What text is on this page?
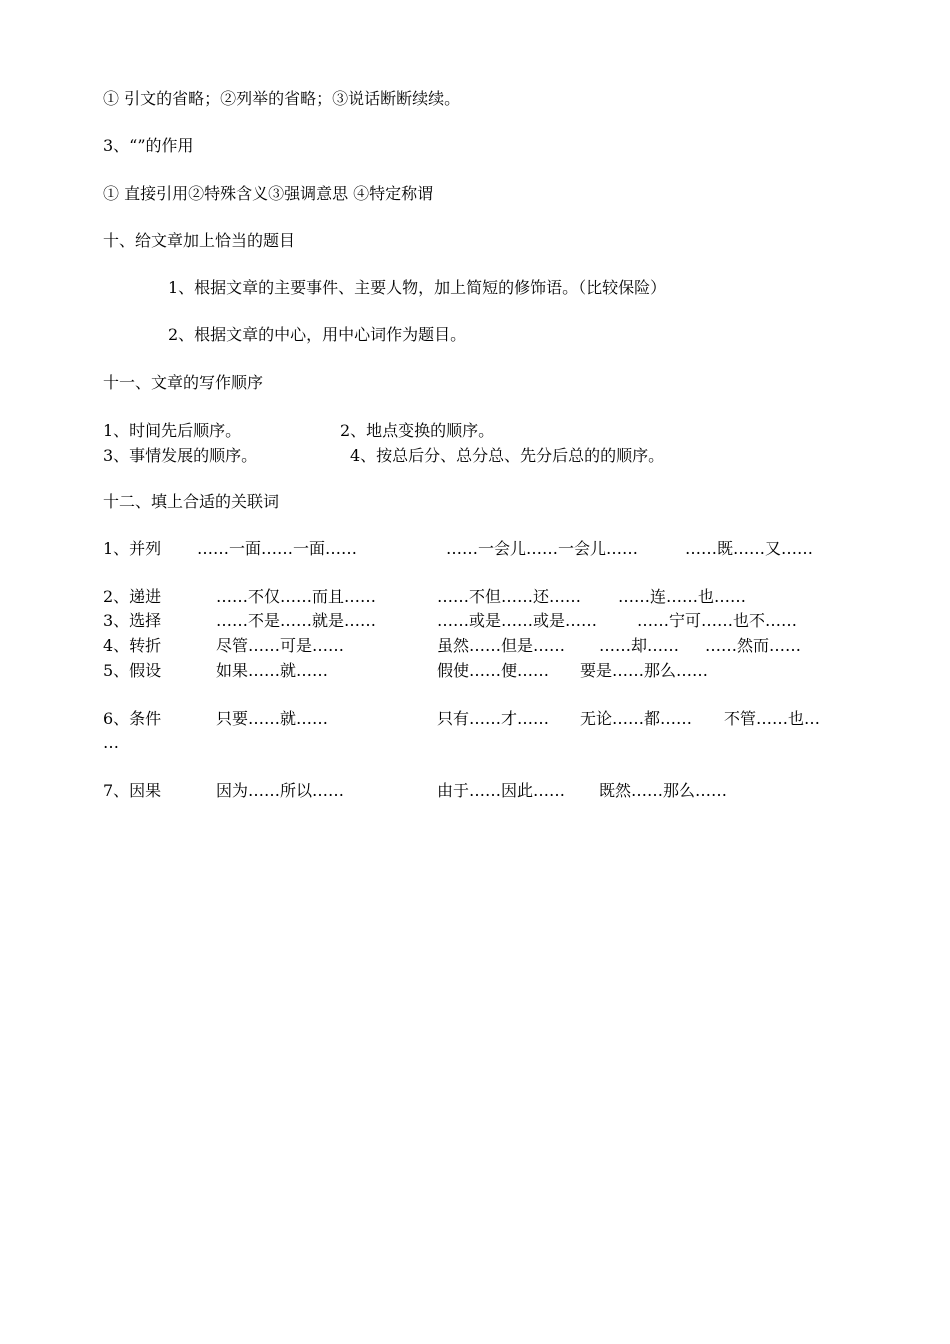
① 引文的省略；②列举的省略；③说话断断续续。
3、“”的作用
① 直接引用②特殊含义③强调意思 ④特定称谓
十、给文章加上恰当的题目
1、根据文章的主要事件、主要人物，加上简短的修饰语。（比较保险）
2、根据文章的中心，用中心词作为题目。
十一、文章的写作顺序
1、时间先后顺序。	2、地点变换的顺序。
3、事情发展的顺序。	4、按总后分、总分总、先分后总的的顺序。
十二、填上合适的关联词
1、并列 ……一面……一面……	……一会儿……一会儿……	……既……又……
2、递进	……不仅……而且……	……不但……还…… ……连……也……
3、选择	……不是……就是……	……或是……或是…… ……宁可……也不……
4、转折	尽管……可是……	虽然……但是…… ……却…… ……然而……
5、假设	如果……就……	假使……便…… 要是……那么……
6、条件	只要……就……	只有……才…… 无论……都…… 不管……也…
…
7、因果	因为……所以……	由于……因此…… 既然……那么……
